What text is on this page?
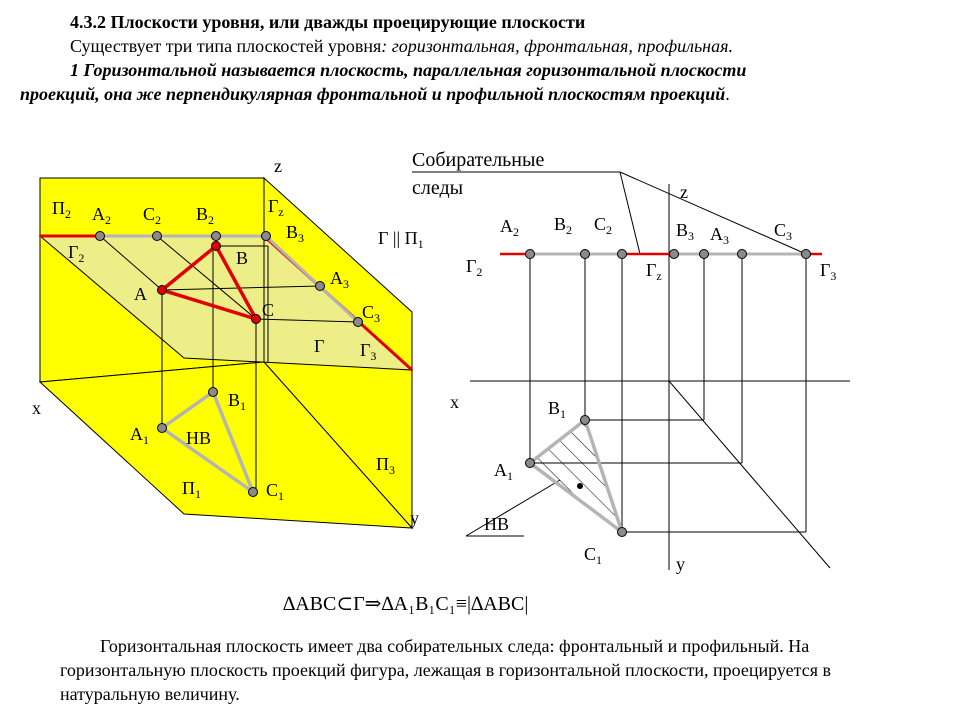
4.3.2 Плоскости уровня, или дважды проецирующие плоскости
Существует три типа плоскостей уровня: горизонтальная, фронтальная, профильная.
1 Горизонтальной называется плоскость, параллельная горизонтальной плоскости
проекций, она же перпендикулярная фронтальной и профильной плоскостям проекций.
z
x
y
$П_2$ $A_2$ $C_2$ $B_2$
$Г_z$
$B_3$
$Г_2$	B
A
C
$A_3$
$C_3$
Г $Г_3$
$B_1$
$A_1$ НВ
$П_1$	$C_1$
$П_3$
Г || $П_1$
Собирательные
следы	z
x
y
$A_2$ $B_2$ $C_2$	$B_3$ $A_3$	$C_3$
$Г_2$	$Г_z$	$Г_3$
$B_1$
$A_1$
НВ
$C_1$
∆ABC⊂Г⇒∆A₁B₁C₁≡|∆ABC|
Горизонтальная плоскость имеет два собирательных следа: фронтальный и профильный. На горизонтальную плоскость проекций фигура, лежащая в горизонтальной плоскости, проецируется в натуральную величину.
